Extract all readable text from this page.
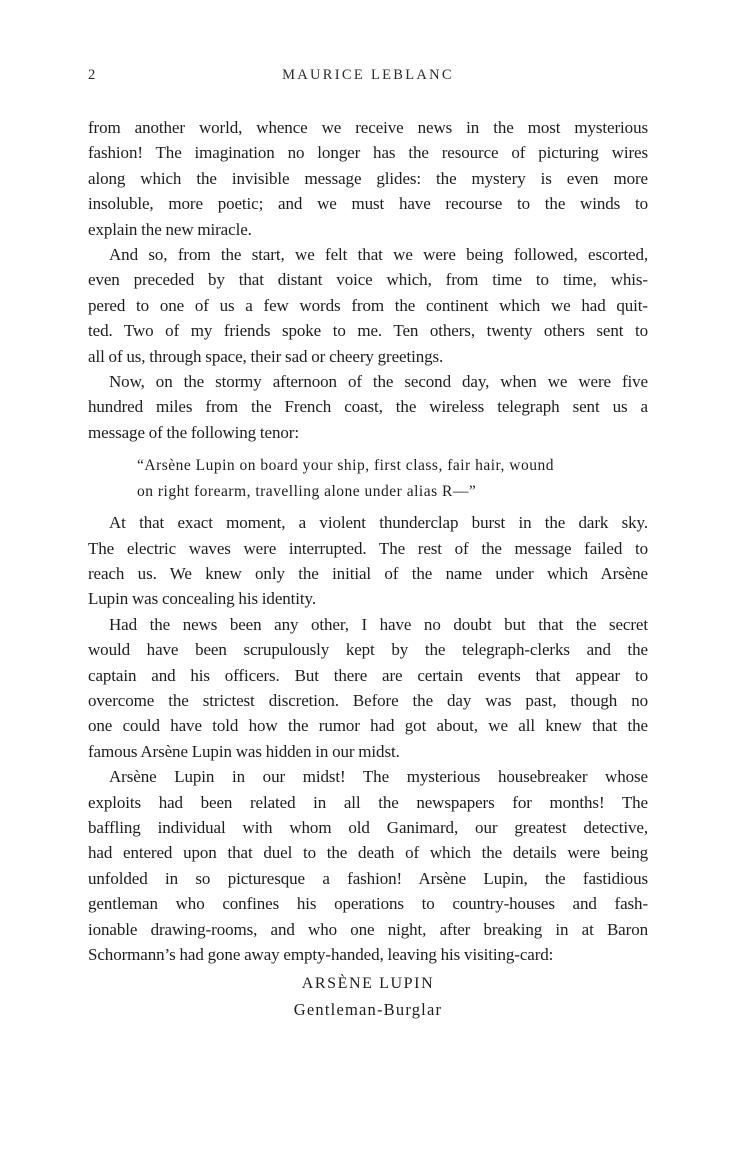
2	MAURICE LEBLANC
from another world, whence we receive news in the most mysterious
fashion! The imagination no longer has the resource of picturing wires
along which the invisible message glides: the mystery is even more
insoluble, more poetic; and we must have recourse to the winds to
explain the new miracle.
And so, from the start, we felt that we were being followed, escorted,
even preceded by that distant voice which, from time to time, whis-
pered to one of us a few words from the continent which we had quit-
ted. Two of my friends spoke to me. Ten others, twenty others sent to
all of us, through space, their sad or cheery greetings.
Now, on the stormy afternoon of the second day, when we were five
hundred miles from the French coast, the wireless telegraph sent us a
message of the following tenor:
“Arsène Lupin on board your ship, first class, fair hair, wound
on right forearm, travelling alone under alias R—”
At that exact moment, a violent thunderclap burst in the dark sky.
The electric waves were interrupted. The rest of the message failed to
reach us. We knew only the initial of the name under which Arsène
Lupin was concealing his identity.
Had the news been any other, I have no doubt but that the secret
would have been scrupulously kept by the telegraph-clerks and the
captain and his officers. But there are certain events that appear to
overcome the strictest discretion. Before the day was past, though no
one could have told how the rumor had got about, we all knew that the
famous Arsène Lupin was hidden in our midst.
Arsène Lupin in our midst! The mysterious housebreaker whose
exploits had been related in all the newspapers for months! The
baffling individual with whom old Ganimard, our greatest detective,
had entered upon that duel to the death of which the details were being
unfolded in so picturesque a fashion! Arsène Lupin, the fastidious
gentleman who confines his operations to country-houses and fash-
ionable drawing-rooms, and who one night, after breaking in at Baron
Schormann’s had gone away empty-handed, leaving his visiting-card:
ARSÈNE LUPIN
Gentleman-Burglar
